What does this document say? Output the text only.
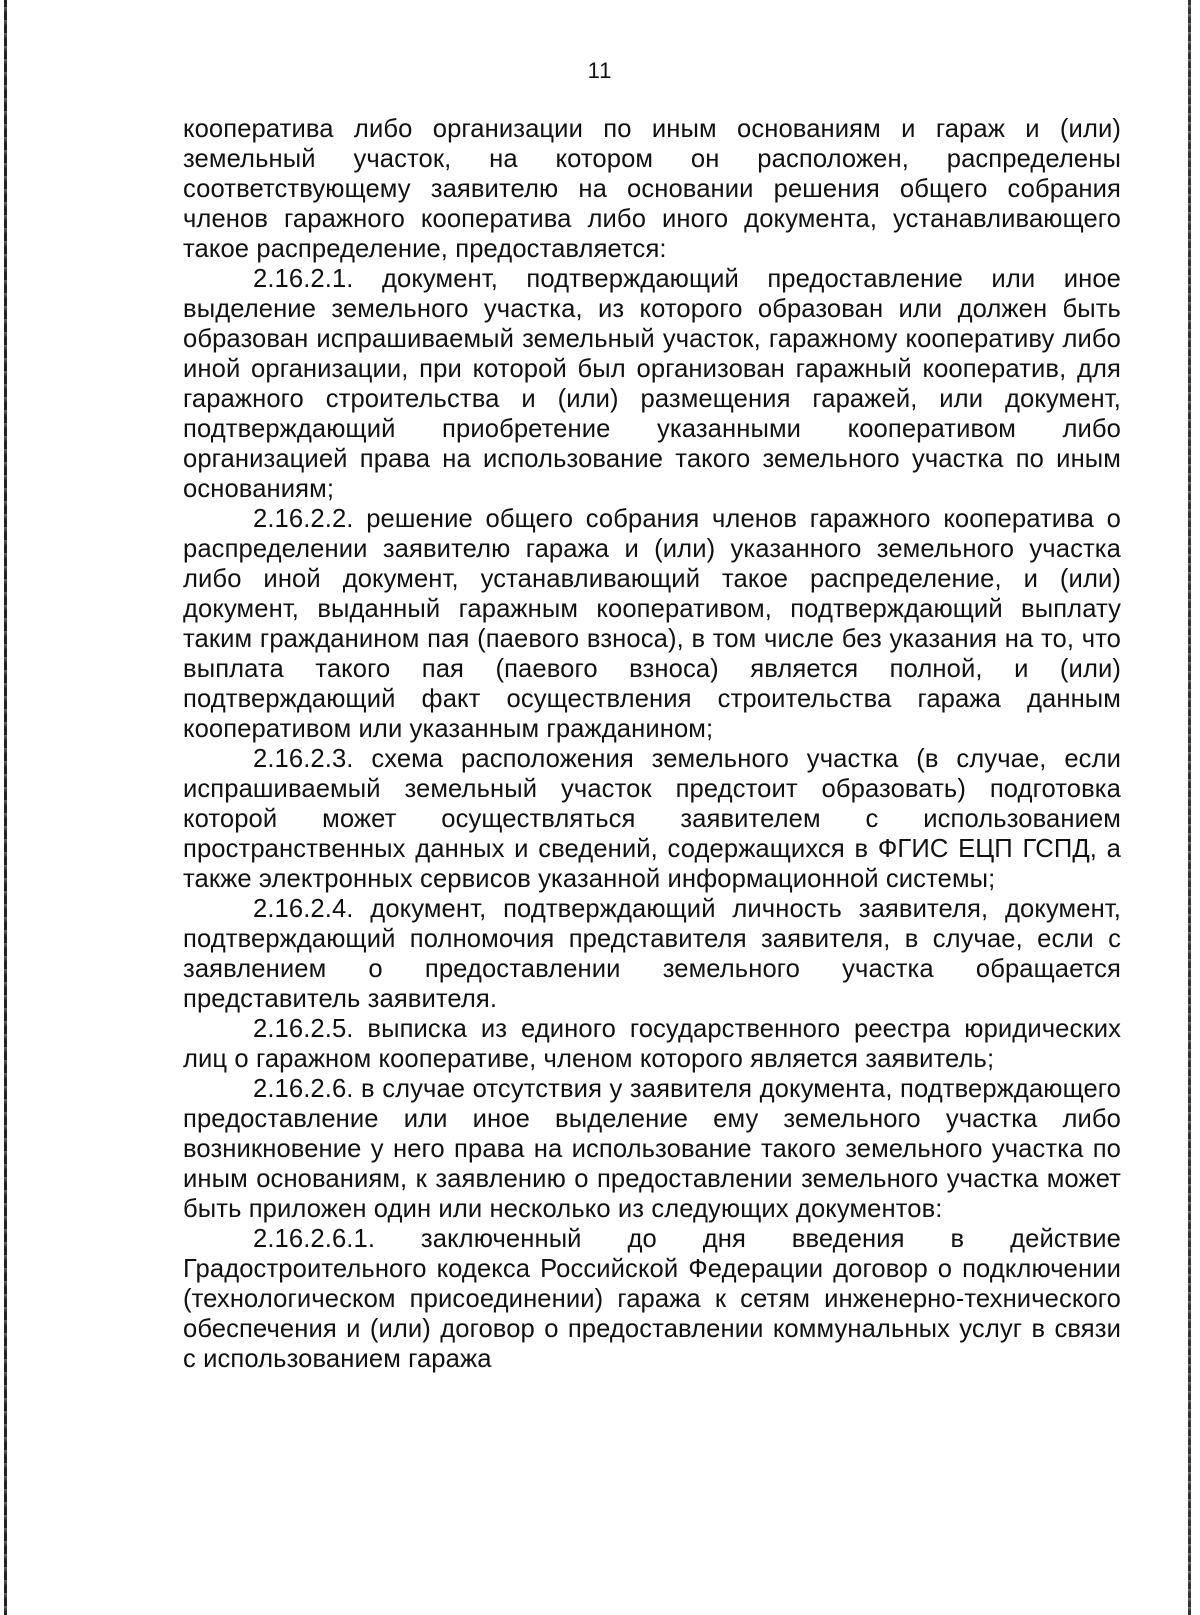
11

кооператива либо организации по иным основаниям и гараж и (или) земельный участок, на котором он расположен, распределены соответствующему заявителю на основании решения общего собрания членов гаражного кооператива либо иного документа, устанавливающего такое распределение, предоставляется:

2.16.2.1. документ, подтверждающий предоставление или иное выделение земельного участка, из которого образован или должен быть образован испрашиваемый земельный участок, гаражному кооперативу либо иной организации, при которой был организован гаражный кооператив, для гаражного строительства и (или) размещения гаражей, или документ, подтверждающий приобретение указанными кооперативом либо организацией права на использование такого земельного участка по иным основаниям;

2.16.2.2. решение общего собрания членов гаражного кооператива о распределении заявителю гаража и (или) указанного земельного участка либо иной документ, устанавливающий такое распределение, и (или) документ, выданный гаражным кооперативом, подтверждающий выплату таким гражданином пая (паевого взноса), в том числе без указания на то, что выплата такого пая (паевого взноса) является полной, и (или) подтверждающий факт осуществления строительства гаража данным кооперативом или указанным гражданином;

2.16.2.3. схема расположения земельного участка (в случае, если испрашиваемый земельный участок предстоит образовать) подготовка которой может осуществляться заявителем с использованием пространственных данных и сведений, содержащихся в ФГИС ЕЦП ГСПД, а также электронных сервисов указанной информационной системы;

2.16.2.4. документ, подтверждающий личность заявителя, документ, подтверждающий полномочия представителя заявителя, в случае, если с заявлением о предоставлении земельного участка обращается представитель заявителя.

2.16.2.5. выписка из единого государственного реестра юридических лиц о гаражном кооперативе, членом которого является заявитель;

2.16.2.6. в случае отсутствия у заявителя документа, подтверждающего предоставление или иное выделение ему земельного участка либо возникновение у него права на использование такого земельного участка по иным основаниям, к заявлению о предоставлении земельного участка может быть приложен один или несколько из следующих документов:

2.16.2.6.1. заключенный до дня введения в действие Градостроительного кодекса Российской Федерации договор о подключении (технологическом присоединении) гаража к сетям инженерно-технического обеспечения и (или) договор о предоставлении коммунальных услуг в связи с использованием гаража
